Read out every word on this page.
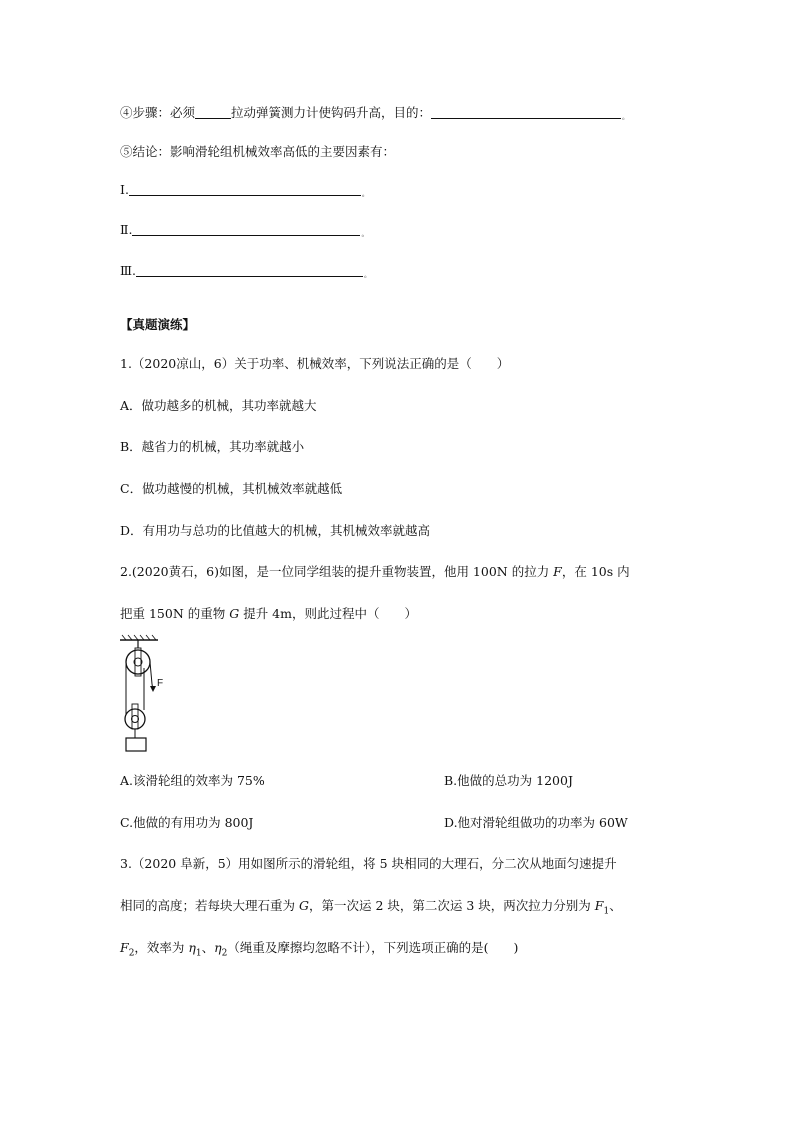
④步骤：必须	拉动弹簧测力计使钩码升高，目的：	。
⑤结论：影响滑轮组机械效率高低的主要因素有：
Ⅰ.	。
Ⅱ.	。
Ⅲ.	。
【真题演练】
1.（2020凉山，6）关于功率、机械效率，下列说法正确的是（　　）
A．做功越多的机械，其功率就越大
B．越省力的机械，其功率就越小
C．做功越慢的机械，其机械效率就越低
D．有用功与总功的比值越大的机械，其机械效率就越高
2.(2020黄石，6)如图，是一位同学组装的提升重物装置，他用 100N 的拉力 F，在 10s 内
把重 150N 的重物 G 提升 4m，则此过程中（　　）
F
A.该滑轮组的效率为 75%	B.他做的总功为 1200J
C.他做的有用功为 800J	D.他对滑轮组做功的功率为 60W
3.（2020 阜新，5）用如图所示的滑轮组，将 5 块相同的大理石，分二次从地面匀速提升
相同的高度；若每块大理石重为 G，第一次运 2 块，第二次运 3 块，两次拉力分别为 $F_1$、
$F_2$，效率为 $\eta_1$、$\eta_2$（绳重及摩擦均忽略不计），下列选项正确的是(　　)
